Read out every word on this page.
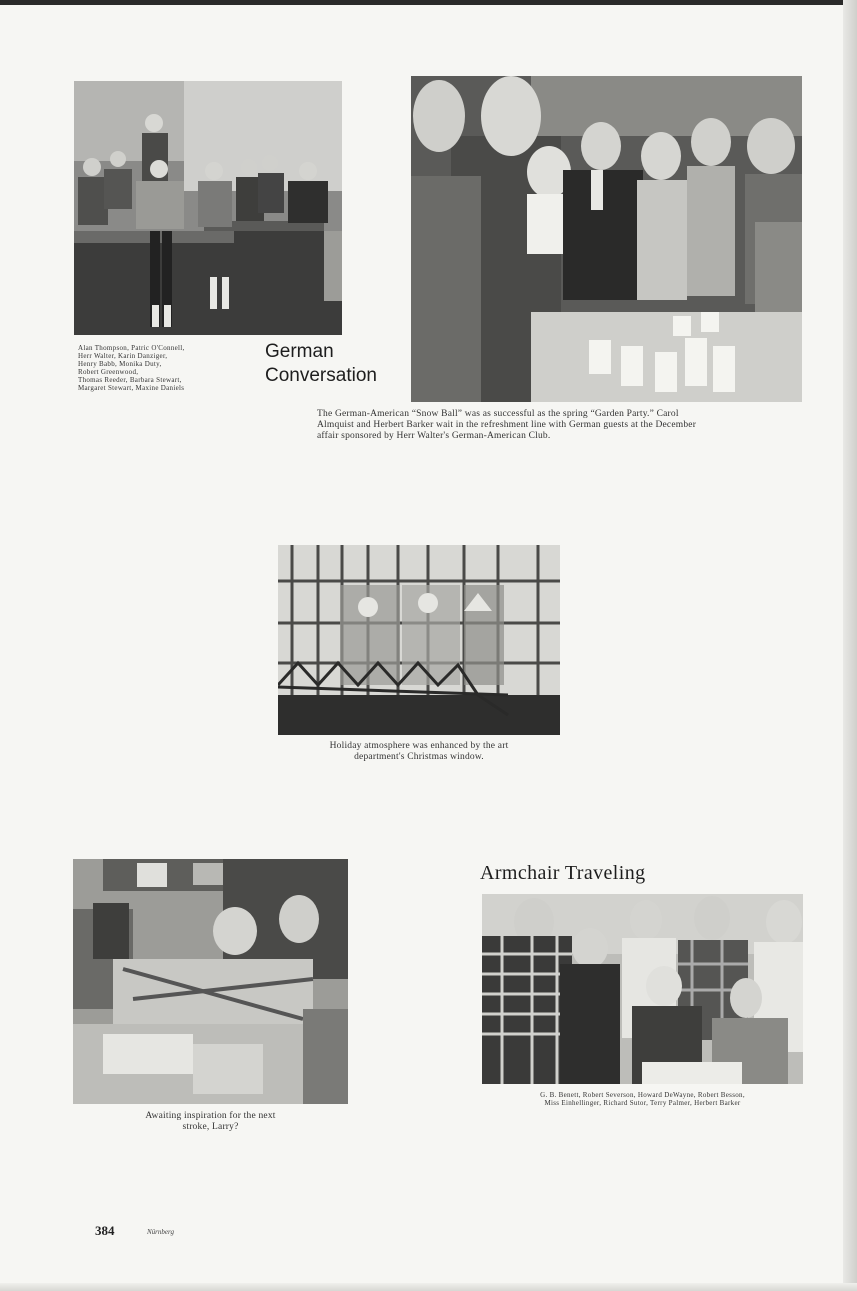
Alan Thompson, Patric O'Connell,
Herr Walter, Karin Danziger,
Henry Babb, Monika Duty,
Robert Greenwood,
Thomas Reeder, Barbara Stewart,
Margaret Stewart, Maxine Daniels
German
Conversation
The German-American “Snow Ball” was as successful as the spring “Garden Party.” Carol
Almquist and Herbert Barker wait in the refreshment line with German guests at the December
affair sponsored by Herr Walter's German-American Club.
Holiday atmosphere was enhanced by the art
department's Christmas window.
Awaiting inspiration for the next
stroke, Larry?
Armchair Traveling
G. B. Benett, Robert Severson, Howard DeWayne, Robert Besson,
Miss Einhellinger, Richard Sutor, Terry Palmer, Herbert Barker
384	Nürnberg
